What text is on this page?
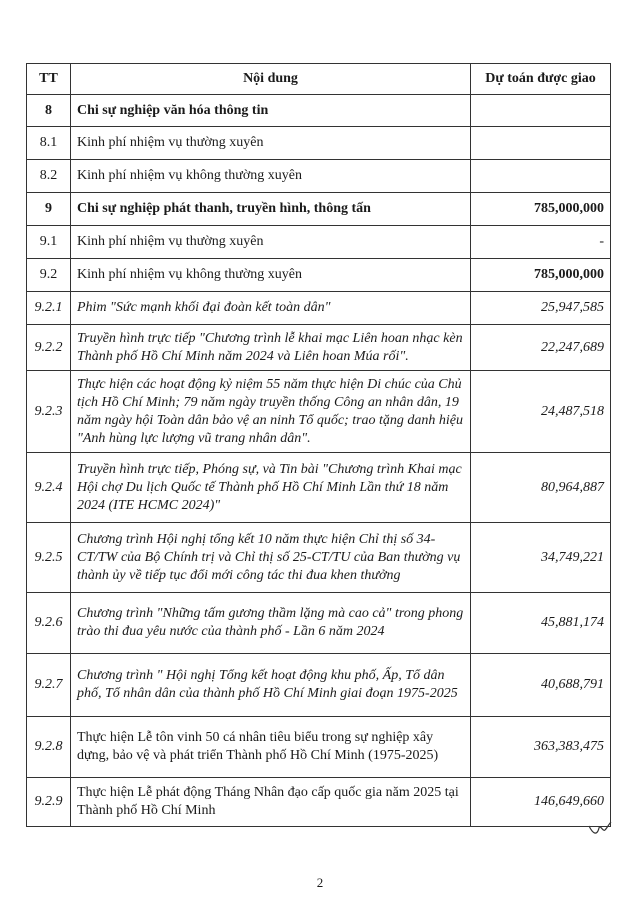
TT	Nội dung	Dự toán được giao
8	Chi sự nghiệp văn hóa thông tin	
8.1	Kinh phí nhiệm vụ thường xuyên	
8.2	Kinh phí nhiệm vụ không thường xuyên	
9	Chi sự nghiệp phát thanh, truyền hình, thông tấn	785,000,000
9.1	Kinh phí nhiệm vụ thường xuyên	-
9.2	Kinh phí nhiệm vụ không thường xuyên	785,000,000
9.2.1	Phim "Sức mạnh khối đại đoàn kết toàn dân"	25,947,585
9.2.2	Truyền hình trực tiếp "Chương trình lễ khai mạc Liên hoan nhạc kèn Thành phố Hồ Chí Minh năm 2024 và Liên hoan Múa rối".	22,247,689
9.2.3	Thực hiện các hoạt động kỷ niệm 55 năm thực hiện Di chúc của Chủ tịch Hồ Chí Minh; 79 năm ngày truyền thống Công an nhân dân, 19 năm ngày hội Toàn dân bảo vệ an ninh Tổ quốc; trao tặng danh hiệu "Anh hùng lực lượng vũ trang nhân dân".	24,487,518
9.2.4	Truyền hình trực tiếp, Phóng sự, và Tin bài "Chương trình Khai mạc Hội chợ Du lịch Quốc tế Thành phố Hồ Chí Minh Lần thứ 18 năm 2024 (ITE HCMC 2024)"	80,964,887
9.2.5	Chương trình Hội nghị tổng kết 10 năm thực hiện Chỉ thị số 34-CT/TW của Bộ Chính trị và Chỉ thị số 25-CT/TU của Ban thường vụ thành ủy về tiếp tục đổi mới công tác thi đua khen thưởng	34,749,221
9.2.6	Chương trình "Những tấm gương thầm lặng mà cao cả" trong phong trào thi đua yêu nước của thành phố - Lần 6 năm 2024	45,881,174
9.2.7	Chương trình " Hội nghị Tổng kết hoạt động khu phố, Ấp, Tổ dân phố, Tổ nhân dân của thành phố Hồ Chí Minh giai đoạn 1975-2025	40,688,791
9.2.8	Thực hiện Lễ tôn vinh 50 cá nhân tiêu biểu trong sự nghiệp xây dựng, bảo vệ và phát triển Thành phố Hồ Chí Minh (1975-2025)	363,383,475
9.2.9	Thực hiện Lễ phát động Tháng Nhân đạo cấp quốc gia năm 2025 tại Thành phố Hồ Chí Minh	146,649,660
2
